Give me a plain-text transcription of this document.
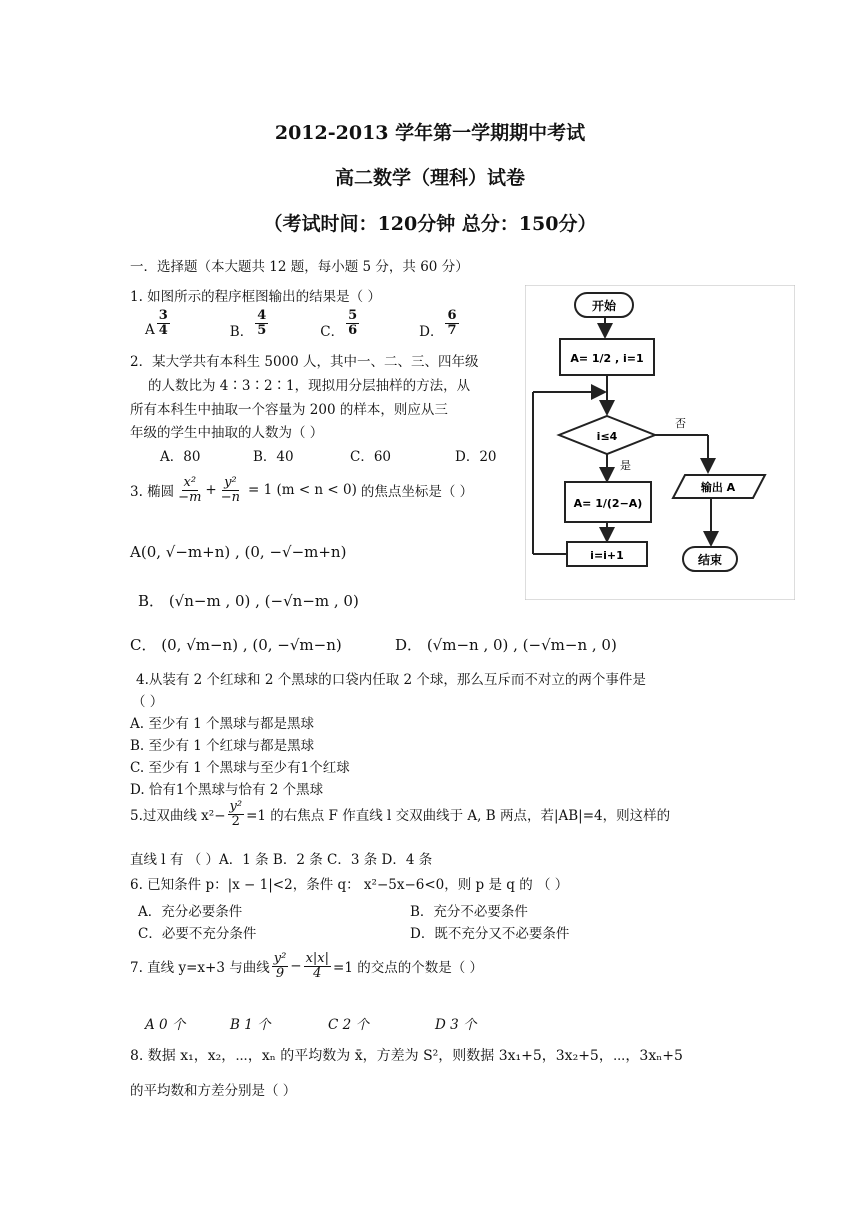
2012-2013 学年第一学期期中考试
高二数学（理科）试卷
（考试时间：120分钟 总分：150分）
一．选择题（本大题共 12 题，每小题 5 分，共 60 分）
1. 如图所示的程序框图输出的结果是（ ）
A $\frac{3}{4}$	B． $\frac{4}{5}$	C． $\frac{5}{6}$	D． $\frac{6}{7}$
2．某大学共有本科生 5000 人，其中一、二、三、四年级
的人数比为 4∶3∶2∶1，现拟用分层抽样的方法，从
所有本科生中抽取一个容量为 200 的样本，则应从三
年级的学生中抽取的人数为（ ）
A．80	B．40	C．60	D．20
3. 椭圆 $\frac{\text{x²}}{-m} + \frac{\text{y²}}{-n} = 1$ (m < n < 0) 的焦点坐标是（ ）
A(0, √−m+n) , (0, −√−m+n)
B． (√n−m , 0) , (−√n−m , 0)
C． (0, √m−n) , (0, −√m−n)	D． (√m−n , 0) , (−√m−n , 0)
4.从装有 2 个红球和 2 个黑球的口袋内任取 2 个球，那么互斥而不对立的两个事件是
（ ）
A. 至少有 1 个黑球与都是黑球
B. 至少有 1 个红球与都是黑球
C. 至少有 1 个黑球与至少有1个红球
D. 恰有1个黑球与恰有 2 个黑球
5.过双曲线 $x^2- \frac{\text{y²}}{2} =1$ 的右焦点 F 作直线 l 交双曲线于 A, B 两点，若|AB|=4，则这样的
直线 l 有 （ ）A．1 条 B．2 条 C．3 条 D．4 条
6. 已知条件 p：|x − 1|<2，条件 q： x²−5x−6<0，则 p 是 q 的 （ ）
A．充分必要条件	B．充分不必要条件
C．必要不充分条件	D．既不充分又不必要条件
7. 直线 y=x+3 与曲线 $\frac{\text{y²}}{9} - \frac{x|x|}{4} =1$ 的交点的个数是（ ）
A 0 个	B 1 个	C 2 个	D 3 个
8. 数据 x₁，x₂，⋯，xₙ 的平均数为 x̄，方差为 S²，则数据 3x₁+5，3x₂+5，⋯，3xₙ+5
的平均数和方差分别是（ ）
开始
A= 1/2 , i=1
i≤4
否
是
A= 1/(2−A)
i=i+1
输出 A
结束
